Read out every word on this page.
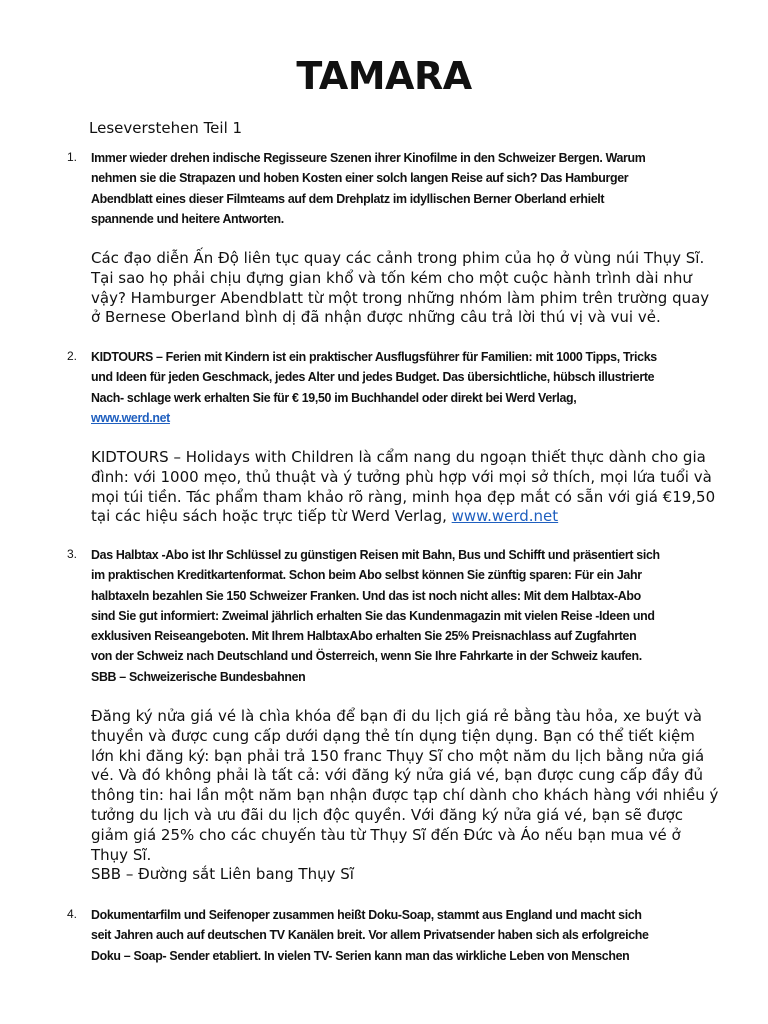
TAMARA
Leseverstehen Teil 1
1. Immer wieder drehen indische Regisseure Szenen ihrer Kinofilme in den Schweizer Bergen. Warum
nehmen sie die Strapazen und hoben Kosten einer solch langen Reise auf sich? Das Hamburger
Abendblatt eines dieser Filmteams auf dem Drehplatz im idyllischen Berner Oberland erhielt
spannende und heitere Antworten.
Các đạo diễn Ấn Độ liên tục quay các cảnh trong phim của họ ở vùng núi Thụy Sĩ.
Tại sao họ phải chịu đựng gian khổ và tốn kém cho một cuộc hành trình dài như
vậy? Hamburger Abendblatt từ một trong những nhóm làm phim trên trường quay
ở Bernese Oberland bình dị đã nhận được những câu trả lời thú vị và vui vẻ.
2. KIDTOURS – Ferien mit Kindern ist ein praktischer Ausflugsführer für Familien: mit 1000 Tipps, Tricks
und Ideen für jeden Geschmack, jedes Alter und jedes Budget. Das übersichtliche, hübsch illustrierte
Nach- schlage werk erhalten Sie für € 19,50 im Buchhandel oder direkt bei Werd Verlag,
www.werd.net
KIDTOURS – Holidays with Children là cẩm nang du ngoạn thiết thực dành cho gia
đình: với 1000 mẹo, thủ thuật và ý tưởng phù hợp với mọi sở thích, mọi lứa tuổi và
mọi túi tiền. Tác phẩm tham khảo rõ ràng, minh họa đẹp mắt có sẵn với giá €19,50
tại các hiệu sách hoặc trực tiếp từ Werd Verlag, www.werd.net
3. Das Halbtax -Abo ist Ihr Schlüssel zu günstigen Reisen mit Bahn, Bus und Schifft und präsentiert sich
im praktischen Kreditkartenformat. Schon beim Abo selbst können Sie zünftig sparen: Für ein Jahr
halbtaxeln bezahlen Sie 150 Schweizer Franken. Und das ist noch nicht alles: Mit dem Halbtax-Abo
sind Sie gut informiert: Zweimal jährlich erhalten Sie das Kundenmagazin mit vielen Reise -Ideen und
exklusiven Reiseangeboten. Mit Ihrem HalbtaxAbo erhalten Sie 25% Preisnachlass auf Zugfahrten
von der Schweiz nach Deutschland und Österreich, wenn Sie Ihre Fahrkarte in der Schweiz kaufen.
SBB – Schweizerische Bundesbahnen
Đăng ký nửa giá vé là chìa khóa để bạn đi du lịch giá rẻ bằng tàu hỏa, xe buýt và
thuyền và được cung cấp dưới dạng thẻ tín dụng tiện dụng. Bạn có thể tiết kiệm
lớn khi đăng ký: bạn phải trả 150 franc Thụy Sĩ cho một năm du lịch bằng nửa giá
vé. Và đó không phải là tất cả: với đăng ký nửa giá vé, bạn được cung cấp đầy đủ
thông tin: hai lần một năm bạn nhận được tạp chí dành cho khách hàng với nhiều ý
tưởng du lịch và ưu đãi du lịch độc quyền. Với đăng ký nửa giá vé, bạn sẽ được
giảm giá 25% cho các chuyến tàu từ Thụy Sĩ đến Đức và Áo nếu bạn mua vé ở
Thụy Sĩ.
SBB – Đường sắt Liên bang Thụy Sĩ
4. Dokumentarfilm und Seifenoper zusammen heißt Doku-Soap, stammt aus England und macht sich
seit Jahren auch auf deutschen TV Kanälen breit. Vor allem Privatsender haben sich als erfolgreiche
Doku – Soap- Sender etabliert. In vielen TV- Serien kann man das wirkliche Leben von Menschen
